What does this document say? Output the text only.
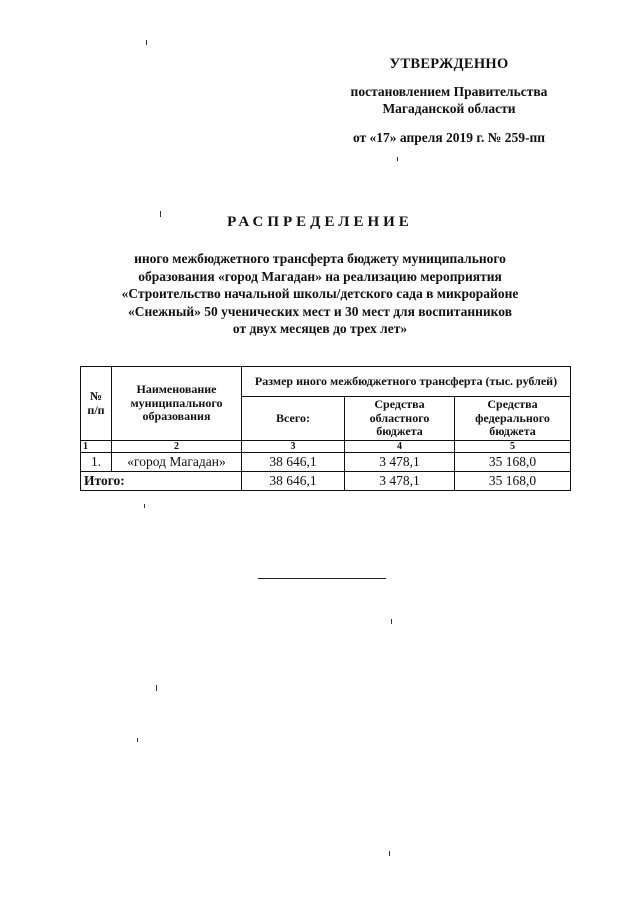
УТВЕРЖДЕННО
постановлением Правительства
Магаданской области
от «17» апреля 2019 г. № 259-пп
РАСПРЕДЕЛЕНИЕ
иного межбюджетного трансферта бюджету муниципального
образования «город Магадан» на реализацию мероприятия
«Строительство начальной школы/детского сада в микрорайоне
«Снежный» 50 ученических мест и 30 мест для воспитанников
от двух месяцев до трех лет»
№ п/п	Наименование муниципального образования	Размер иного межбюджетного трансферта (тыс. рублей)		
		Всего:	Средства областного бюджета	Средства федерального бюджета
1	2	3	4	5
1.	«город Магадан»	38 646,1	3 478,1	35 168,0
Итого:		38 646,1	3 478,1	35 168,0
